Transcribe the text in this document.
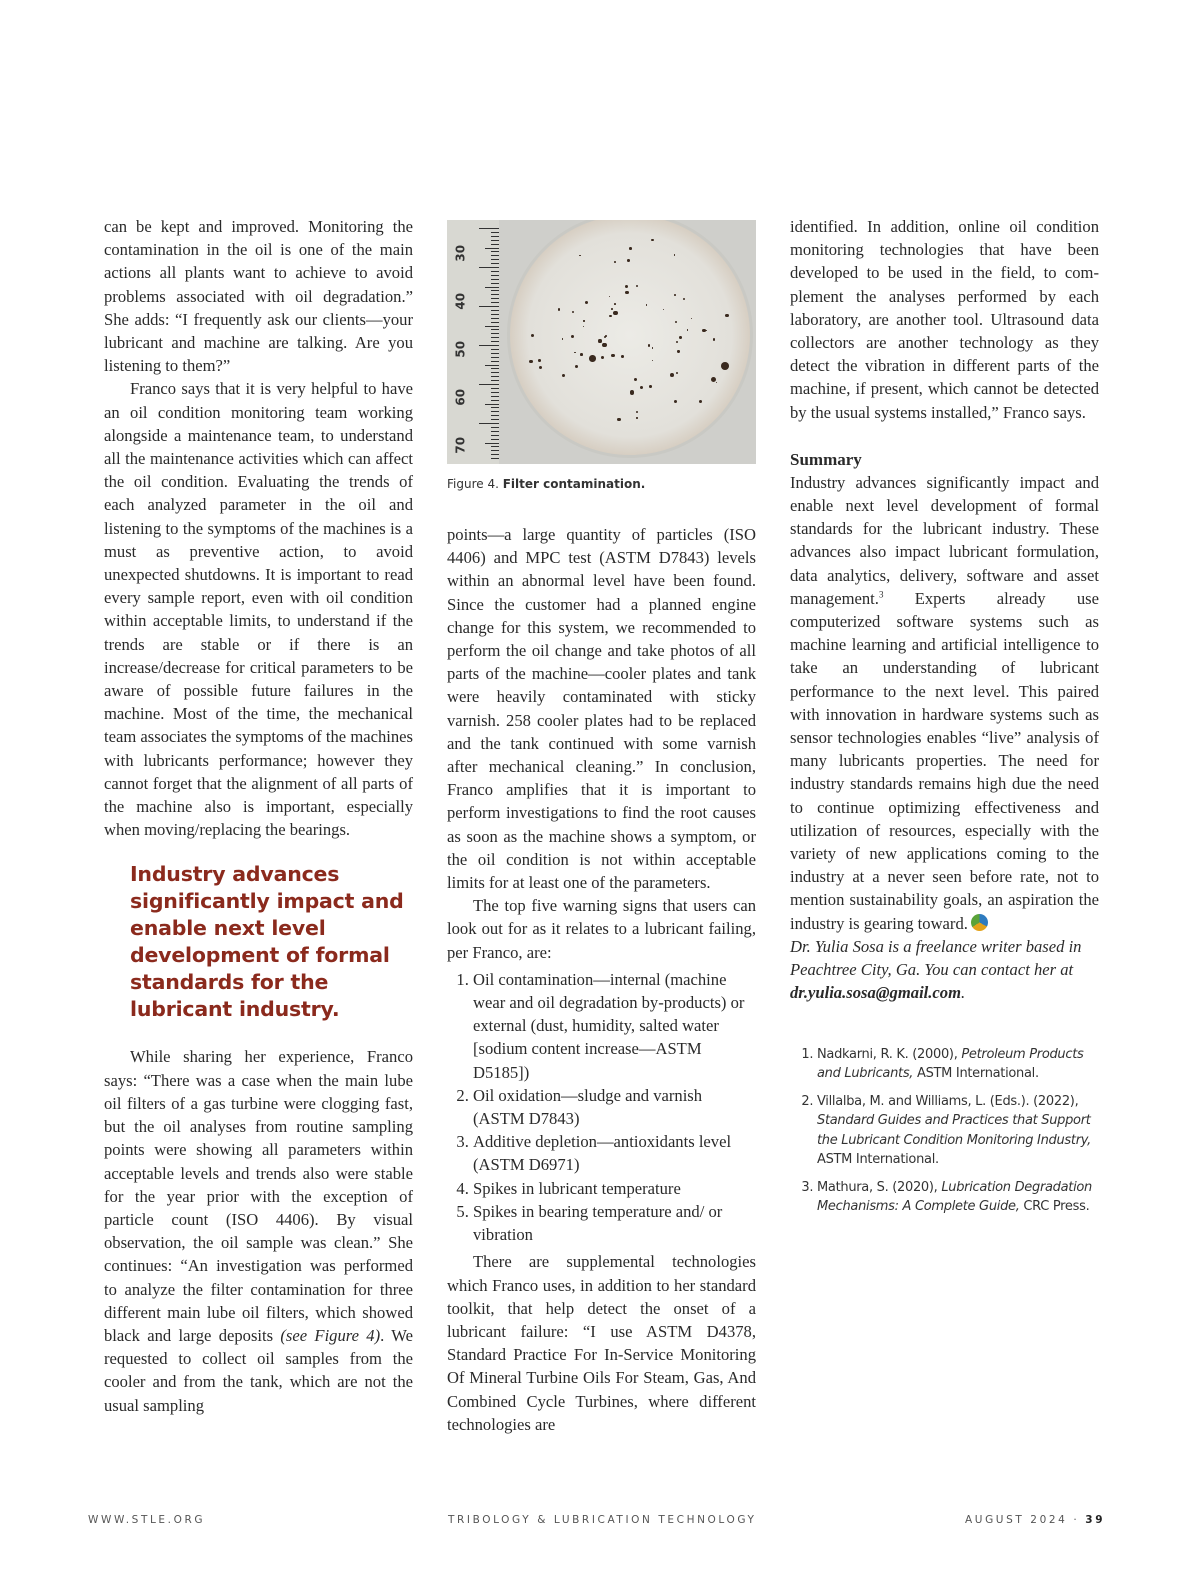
can be kept and improved. Monitoring the contamination in the oil is one of the main actions all plants want to achieve to avoid problems associated with oil degradation.” She adds: “I frequently ask our clients—your lubricant and machine are talking. Are you listening to them?”

Franco says that it is very helpful to have an oil condition monitoring team working alongside a maintenance team, to understand all the maintenance activities which can affect the oil condition. Evaluating the trends of each analyzed parameter in the oil and listening to the symptoms of the machines is a must as preventive action, to avoid unexpected shutdowns. It is important to read every sample report, even with oil condition within acceptable limits, to understand if the trends are stable or if there is an increase/decrease for critical parameters to be aware of possible future failures in the machine. Most of the time, the mechanical team associates the symptoms of the machines with lubricants performance; however they cannot forget that the alignment of all parts of the machine also is important, especially when moving/replacing the bearings.

Industry advances significantly impact and enable next level development of formal standards for the lubricant industry.

While sharing her experience, Franco says: “There was a case when the main lube oil filters of a gas turbine were clogging fast, but the oil analyses from routine sampling points were showing all parameters within acceptable levels and trends also were stable for the year prior with the exception of particle count (ISO 4406). By visual observation, the oil sample was clean.” She continues: “An investigation was performed to analyze the filter contamination for three different main lube oil filters, which showed black and large deposits (see Figure 4). We requested to collect oil samples from the cooler and from the tank, which are not the usual sampling

30
40
50
60
70
Figure 4. Filter contamination.

points—a large quantity of particles (ISO 4406) and MPC test (ASTM D7843) levels within an abnormal level have been found. Since the customer had a planned engine change for this system, we recommended to perform the oil change and take photos of all parts of the machine—cooler plates and tank were heavily contaminated with sticky varnish. 258 cooler plates had to be replaced and the tank continued with some varnish after mechanical cleaning.” In conclusion, Franco amplifies that it is important to perform investigations to find the root causes as soon as the machine shows a symptom, or the oil condition is not within acceptable limits for at least one of the parameters.

The top five warning signs that users can look out for as it relates to a lubricant failing, per Franco, are:

1. Oil contamination—internal (machine wear and oil degradation by-products) or external (dust, humidity, salted water [sodium content increase—ASTM D5185])
2. Oil oxidation—sludge and varnish (ASTM D7843)
3. Additive depletion—antioxidants level (ASTM D6971)
4. Spikes in lubricant temperature
5. Spikes in bearing temperature and/ or vibration

There are supplemental technologies which Franco uses, in addition to her standard toolkit, that help detect the onset of a lubricant failure: “I use ASTM D4378, Standard Practice For In-Service Monitoring Of Mineral Turbine Oils For Steam, Gas, And Combined Cycle Turbines, where different technologies are

identified. In addition, online oil condition monitoring technologies that have been developed to be used in the field, to complement the analyses performed by each laboratory, are another tool. Ultrasound data collectors are another technology as they detect the vibration in different parts of the machine, if present, which cannot be detected by the usual systems installed,” Franco says.

Summary

Industry advances significantly impact and enable next level development of formal standards for the lubricant industry. These advances also impact lubricant formulation, data analytics, delivery, software and asset management.$^3$ Experts already use computerized software systems such as machine learning and artificial intelligence to take an understanding of lubricant performance to the next level. This paired with innovation in hardware systems such as sensor technologies enables “live” analysis of many lubricants properties. The need for industry standards remains high due the need to continue optimizing effectiveness and utilization of resources, especially with the variety of new applications coming to the industry at a never seen before rate, not to mention sustainability goals, an aspiration the industry is gearing toward.

Dr. Yulia Sosa is a freelance writer based in Peachtree City, Ga. You can contact her at dr.yulia.sosa@gmail.com.

1. Nadkarni, R. K. (2000), Petroleum Products and Lubricants, ASTM International.
2. Villalba, M. and Williams, L. (Eds.). (2022), Standard Guides and Practices that Support the Lubricant Condition Monitoring Industry, ASTM International.
3. Mathura, S. (2020), Lubrication Degradation Mechanisms: A Complete Guide, CRC Press.
WWW.STLE.ORG	TRIBOLOGY & LUBRICATION TECHNOLOGY	AUGUST 2024 · 39
